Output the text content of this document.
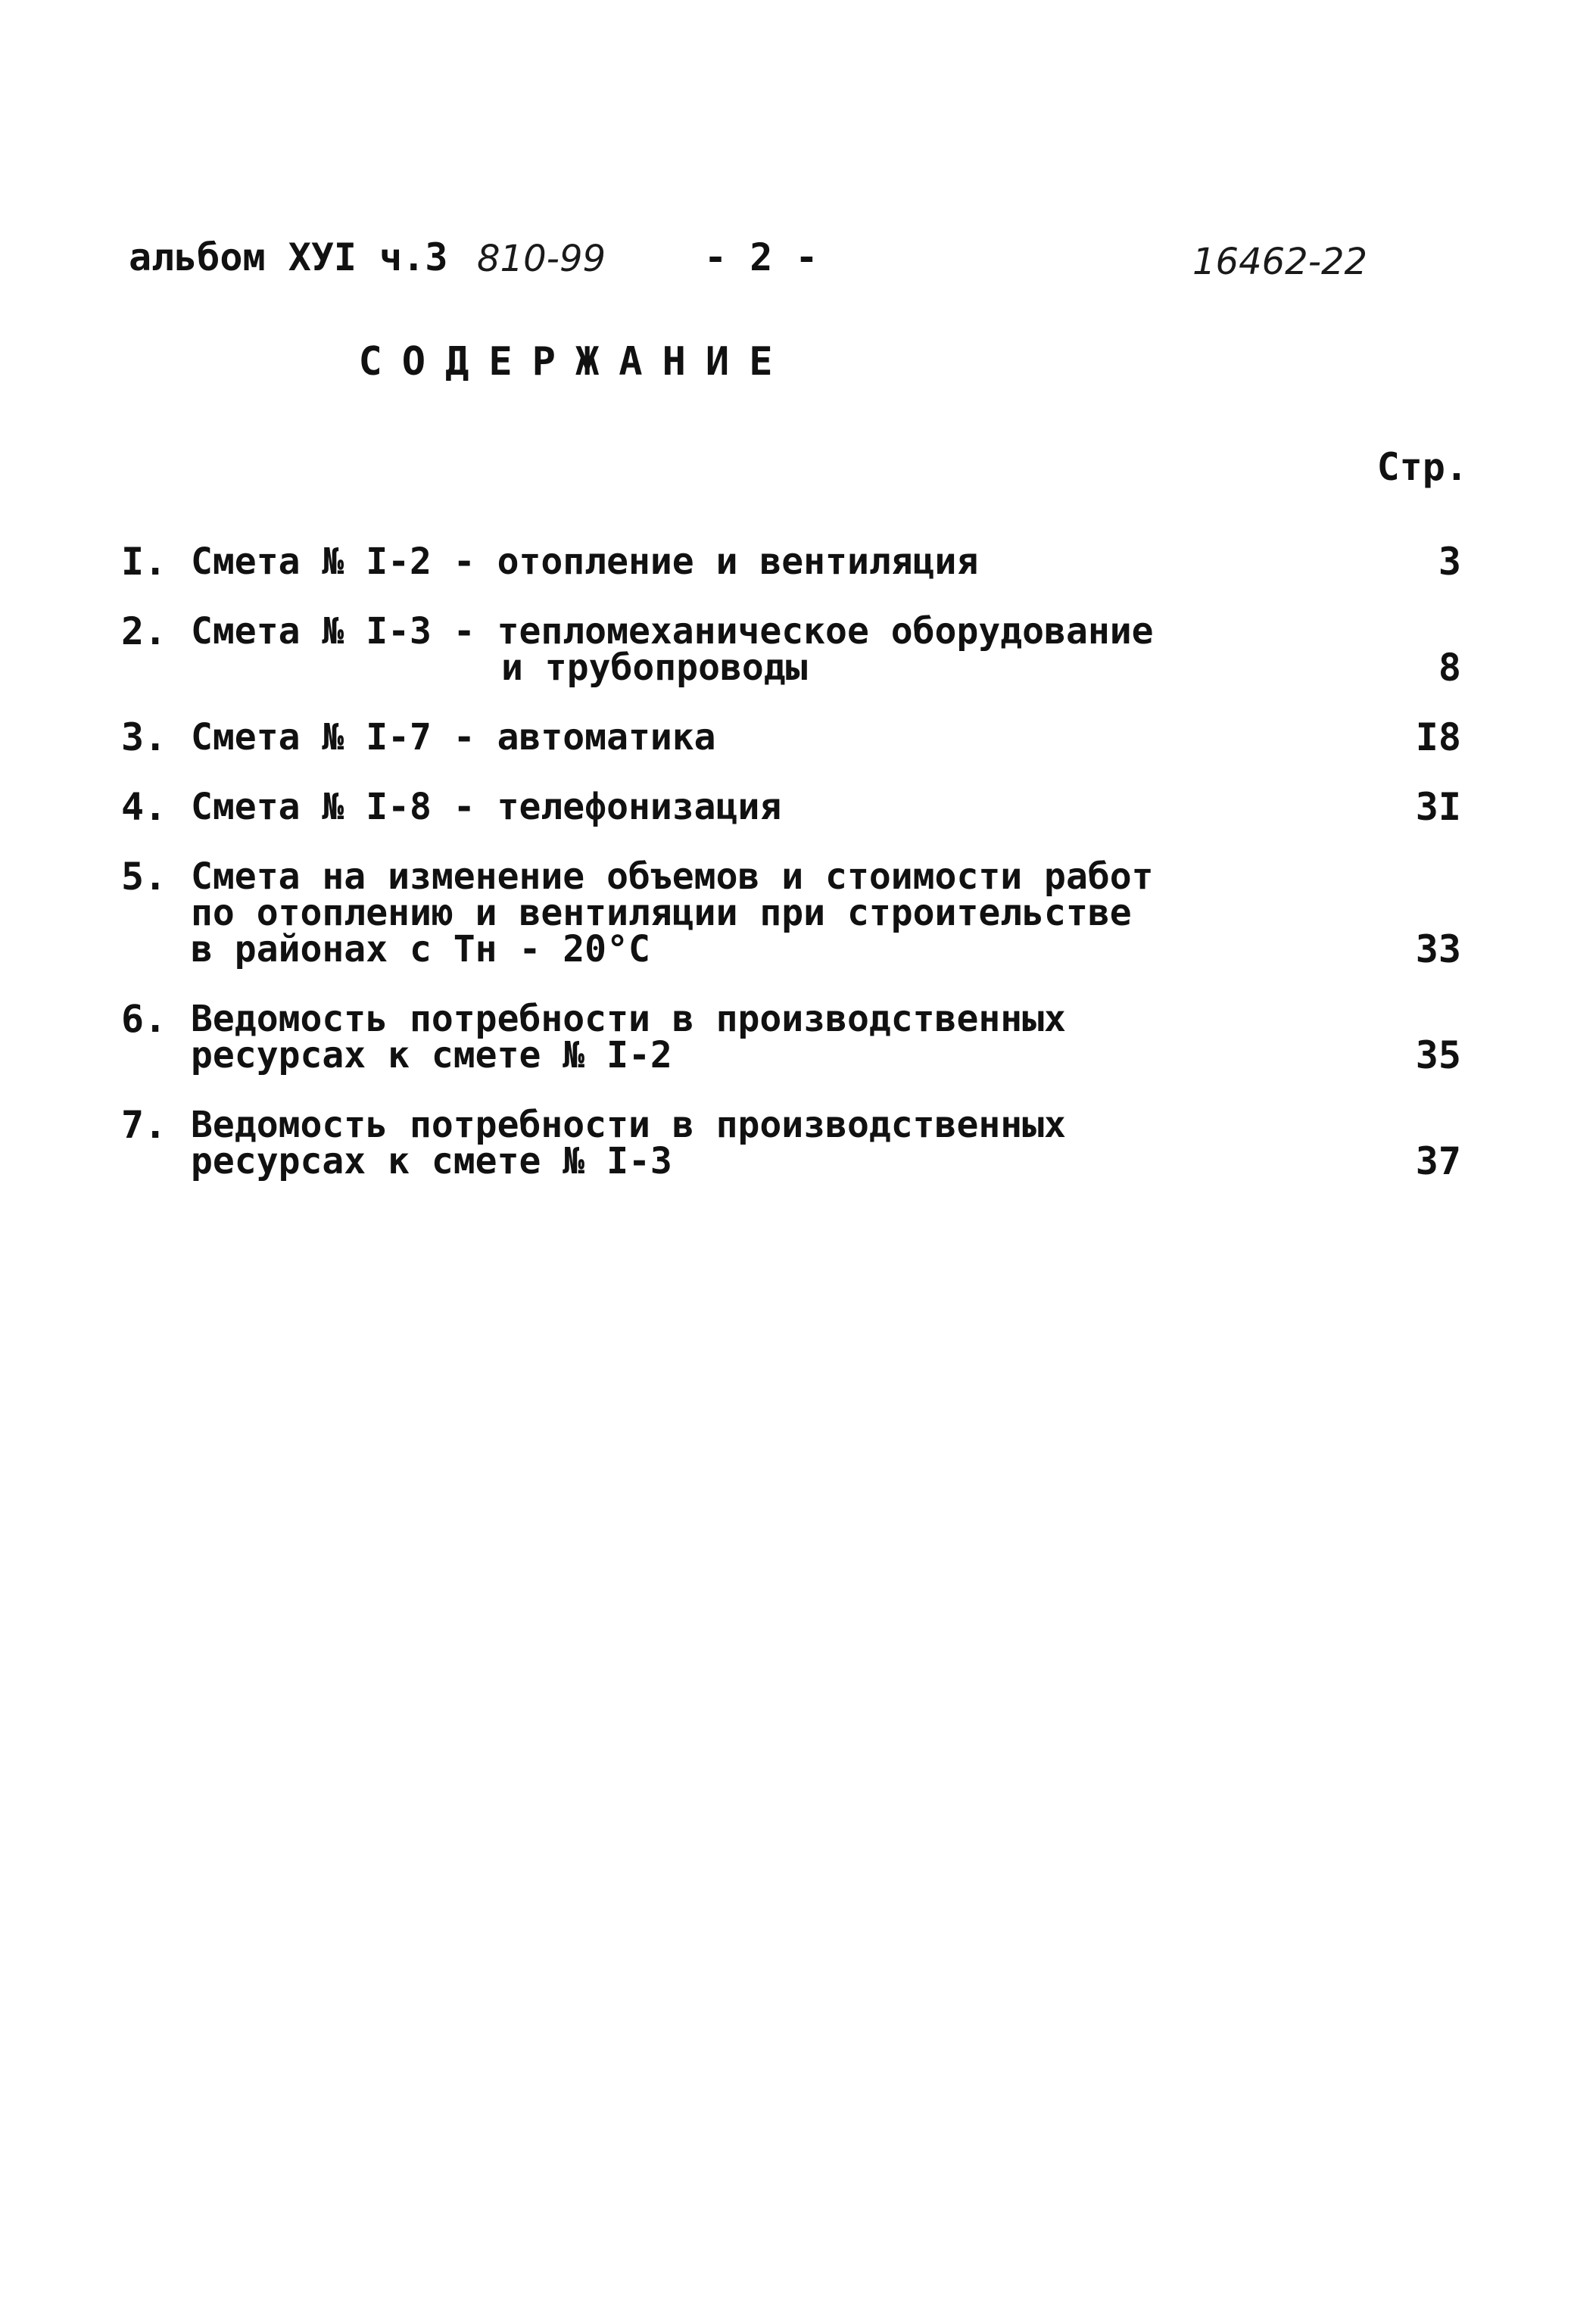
альбом XУI ч.3 810-99	- 2 -	16462-22
СОДЕРЖАНИЕ
Стр.
I. Смета № I-2 - отопление и вентиляция	3
2. Смета № I-3 - тепломеханическое оборудование
и трубопроводы	8
3. Смета № I-7 - автоматика	I8
4. Смета № I-8 - телефонизация	3I
5. Смета на изменение объемов и стоимости работ
по отоплению и вентиляции при строительстве
в районах с Тн - 20°С	33
6. Ведомость потребности в производственных
ресурсах к смете № I-2	35
7. Ведомость потребности в производственных
ресурсах к смете № I-3	37
